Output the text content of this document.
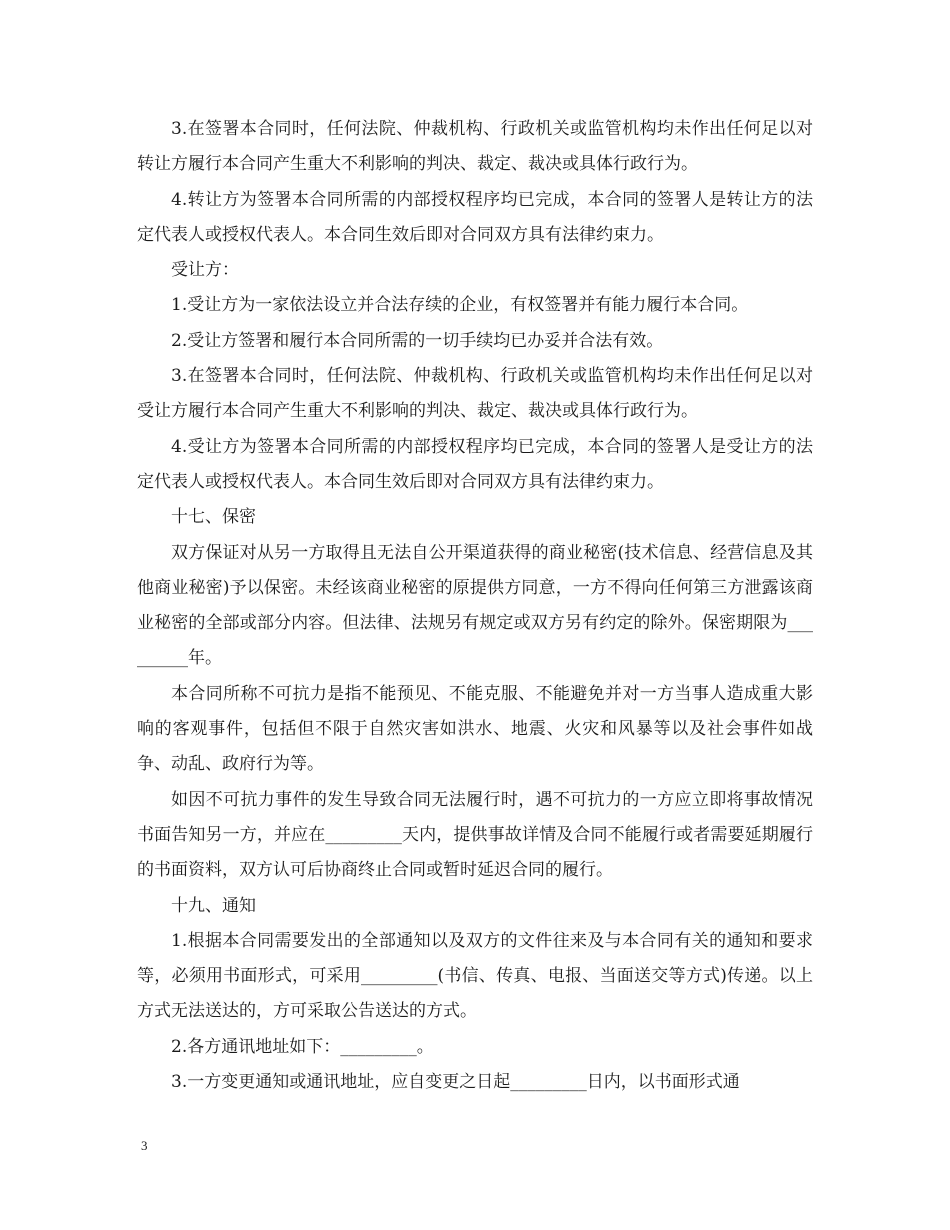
3.在签署本合同时，任何法院、仲裁机构、行政机关或监管机构均未作出任何足以对转让方履行本合同产生重大不利影响的判决、裁定、裁决或具体行政行为。

4.转让方为签署本合同所需的内部授权程序均已完成，本合同的签署人是转让方的法定代表人或授权代表人。本合同生效后即对合同双方具有法律约束力。

受让方：

1.受让方为一家依法设立并合法存续的企业，有权签署并有能力履行本合同。

2.受让方签署和履行本合同所需的一切手续均已办妥并合法有效。

3.在签署本合同时，任何法院、仲裁机构、行政机关或监管机构均未作出任何足以对受让方履行本合同产生重大不利影响的判决、裁定、裁决或具体行政行为。

4.受让方为签署本合同所需的内部授权程序均已完成，本合同的签署人是受让方的法定代表人或授权代表人。本合同生效后即对合同双方具有法律约束力。

十七、保密

双方保证对从另一方取得且无法自公开渠道获得的商业秘密(技术信息、经营信息及其他商业秘密)予以保密。未经该商业秘密的原提供方同意，一方不得向任何第三方泄露该商业秘密的全部或部分内容。但法律、法规另有规定或双方另有约定的除外。保密期限为_________年。

本合同所称不可抗力是指不能预见、不能克服、不能避免并对一方当事人造成重大影响的客观事件，包括但不限于自然灾害如洪水、地震、火灾和风暴等以及社会事件如战争、动乱、政府行为等。

如因不可抗力事件的发生导致合同无法履行时，遇不可抗力的一方应立即将事故情况书面告知另一方，并应在_________天内，提供事故详情及合同不能履行或者需要延期履行的书面资料，双方认可后协商终止合同或暂时延迟合同的履行。

十九、通知

1.根据本合同需要发出的全部通知以及双方的文件往来及与本合同有关的通知和要求等，必须用书面形式，可采用_________(书信、传真、电报、当面送交等方式)传递。以上方式无法送达的，方可采取公告送达的方式。

2.各方通讯地址如下：_________。

3.一方变更通知或通讯地址，应自变更之日起_________日内，以书面形式通

3
